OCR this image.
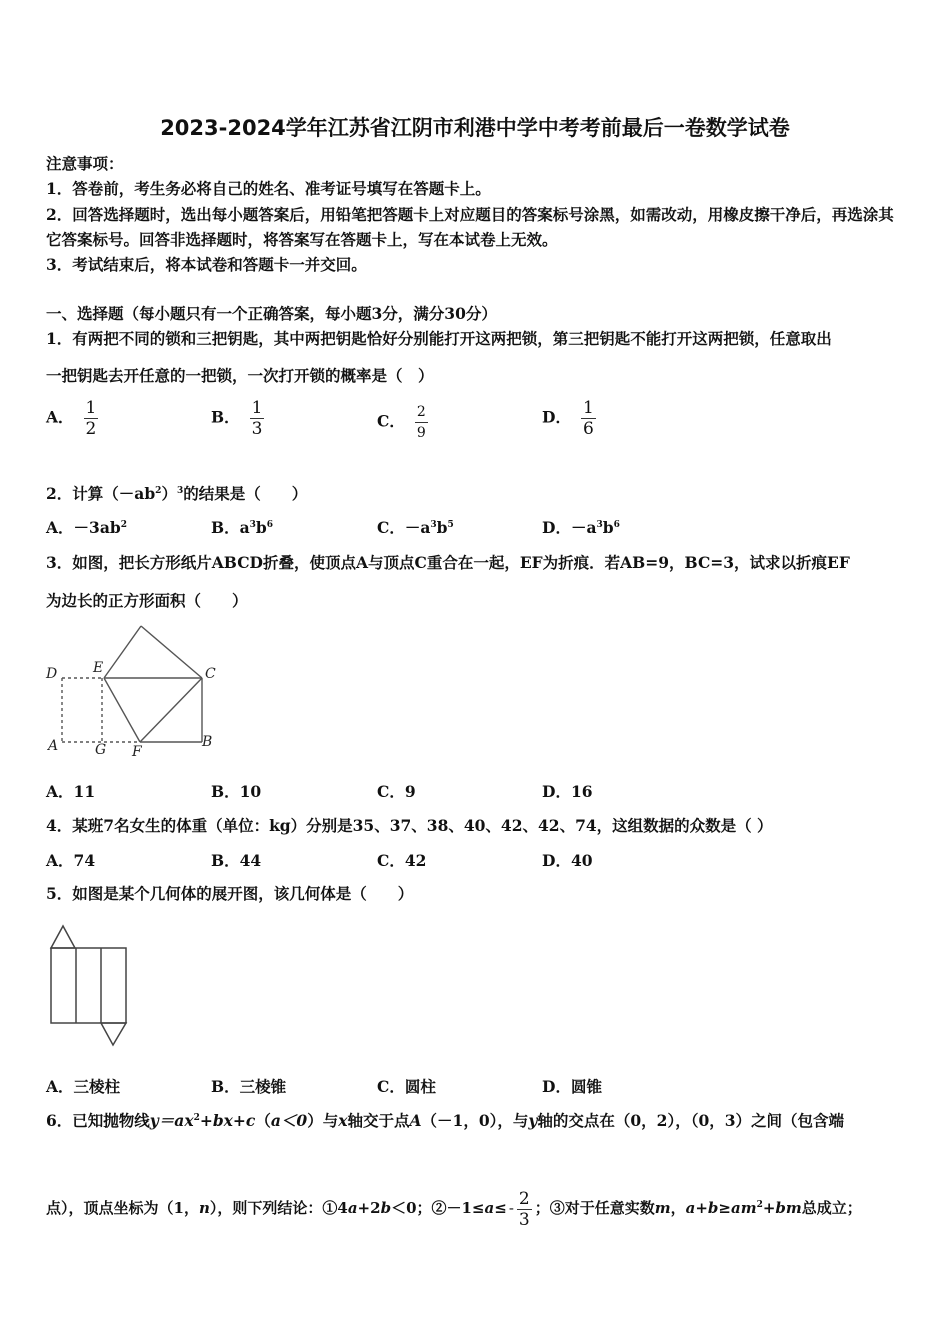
2023-2024学年江苏省江阴市利港中学中考考前最后一卷数学试卷
注意事项：
1．答卷前，考生务必将自己的姓名、准考证号填写在答题卡上。
2．回答选择题时，选出每小题答案后，用铅笔把答题卡上对应题目的答案标号涂黑，如需改动，用橡皮擦干净后，再选涂其它答案标号。回答非选择题时，将答案写在答题卡上，写在本试卷上无效。
3．考试结束后，将本试卷和答题卡一并交回。
一、选择题（每小题只有一个正确答案，每小题3分，满分30分）
1．有两把不同的锁和三把钥匙，其中两把钥匙恰好分别能打开这两把锁，第三把钥匙不能打开这两把锁，任意取出
一把钥匙去开任意的一把锁，一次打开锁的概率是（　）
A． $\frac{1}{2}$	B． $\frac{1}{3}$	C． $\frac{2}{9}$	D． $\frac{1}{6}$
2．计算$(-ab^2)^3$的结果是（　　）
A．$-3ab^2$	B．$a^3b^6$	C．$-a^3b^5$	D．$-a^3b^6$
3．如图，把长方形纸片ABCD折叠，使顶点A与顶点C重合在一起，EF为折痕．若AB=9，BC=3，试求以折痕EF
为边长的正方形面积（　　）
D	E	C
A	G F
B
A．11	B．10	C．9	D．16
4．某班7名女生的体重（单位：kg）分别是35、37、38、40、42、42、74，这组数据的众数是（ ）
A．74	B．44	C．42	D．40
5．如图是某个几何体的展开图，该几何体是（　　）
A．三棱柱	B．三棱锥	C．圆柱	D．圆锥
6．已知抛物线$y=ax^2+bx+c(a<0)$与x轴交于点A（－1，0），与y轴的交点在（0，2），（0，3）之间（包含端
点），顶点坐标为（1，n），则下列结论：①4a+2b＜0；②－1≤a≤ - $\frac{2}{3}$ ；③对于任意实数m，$a+b\ge am^2+bm$总成立；
